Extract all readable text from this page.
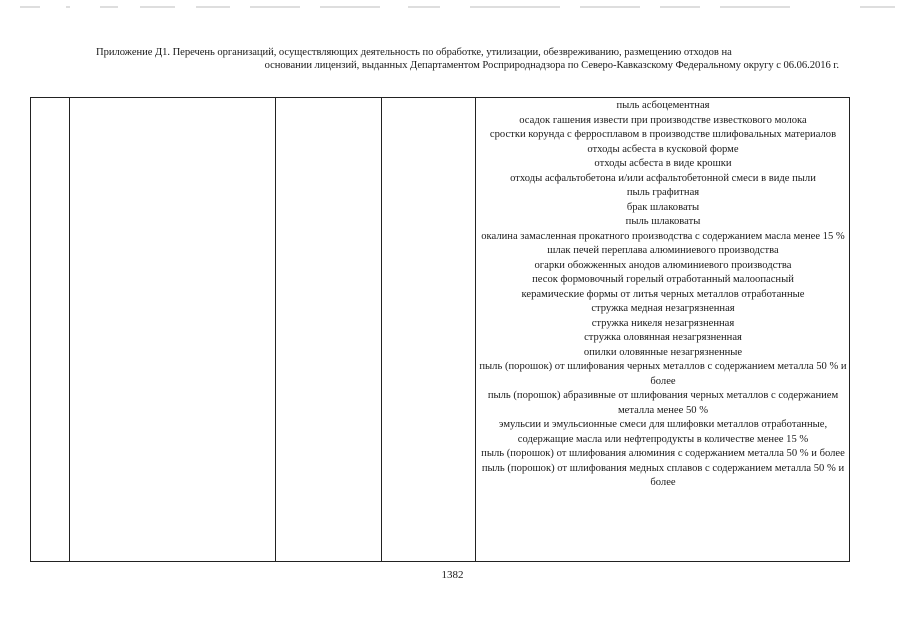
Приложение Д1. Перечень организаций, осуществляющих деятельность по обработке, утилизации, обезвреживанию, размещению отходов на
основании лицензий, выданных Департаментом Росприроднадзора по Северо-Кавказскому Федеральному округу с 06.06.2016 г.
пыль асбоцементная
осадок гашения извести при производстве известкового молока
сростки корунда с ферросплавом в производстве шлифовальных материалов
отходы асбеста в кусковой форме
отходы асбеста в виде крошки
отходы асфальтобетона и/или асфальтобетонной смеси в виде пыли
пыль графитная
брак шлаковаты
пыль шлаковаты
окалина замасленная прокатного производства с содержанием масла менее 15 %
шлак печей переплава алюминиевого производства
огарки обожженных анодов алюминиевого производства
песок формовочный горелый отработанный малоопасный
керамические формы от литья черных металлов отработанные
стружка медная незагрязненная
стружка никеля незагрязненная
стружка оловянная незагрязненная
опилки оловянные незагрязненные
пыль (порошок) от шлифования черных металлов с содержанием металла 50 % и более
пыль (порошок) абразивные от шлифования черных металлов с содержанием металла менее 50 %
эмульсии и эмульсионные смеси для шлифовки металлов отработанные, содержащие масла или нефтепродукты в количестве менее 15 %
пыль (порошок) от шлифования алюминия с содержанием металла 50 % и более
пыль (порошок) от шлифования медных сплавов с содержанием металла 50 % и более
1382
